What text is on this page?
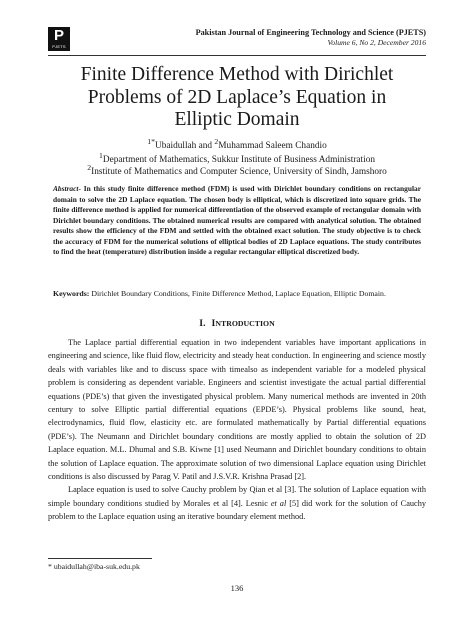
P
PJETS
Pakistan Journal of Engineering Technology and Science (PJETS)
Volume 6, No 2, December 2016
Finite Difference Method with Dirichlet
Problems of 2D Laplace’s Equation in
Elliptic Domain
$^{1*}$Ubaidullah and $^2$Muhammad Saleem Chandio
$^1$Department of Mathematics, Sukkur Institute of Business Administration
$^2$Institute of Mathematics and Computer Science, University of Sindh, Jamshoro

Abstract- In this study finite difference method (FDM) is used with Dirichlet boundary conditions on rectangular domain to solve the 2D Laplace equation. The chosen body is elliptical, which is discretized into square grids. The finite difference method is applied for numerical differentiation of the observed example of rectangular domain with Dirichlet boundary conditions. The obtained numerical results are compared with analytical solution. The obtained results show the efficiency of the FDM and settled with the obtained exact solution. The study objective is to check the accuracy of FDM for the numerical solutions of elliptical bodies of 2D Laplace equations. The study contributes to find the heat (temperature) distribution inside a regular rectangular elliptical discretized body.

Keywords: Dirichlet Boundary Conditions, Finite Difference Method, Laplace Equation, Elliptic Domain.
I. INTRODUCTION

The Laplace partial differential equation in two independent variables have important applications in engineering and science, like fluid flow, electricity and steady heat conduction. In engineering and science mostly deals with variables like and to discuss space with timealso as independent variable for a modeled physical problem is considering as dependent variable. Engineers and scientist investigate the actual partial differential equations (PDE’s) that given the investigated physical problem. Many numerical methods are invented in 20th century to solve Elliptic partial differential equations (EPDE’s). Physical problems like sound, heat, electrodynamics, fluid flow, elasticity etc. are formulated mathematically by Partial differential equations (PDE’s). The Neumann and Dirichlet boundary conditions are mostly applied to obtain the solution of 2D Laplace equation. M.L. Dhumal and S.B. Kiwne [1] used Neumann and Dirichlet boundary conditions to obtain the solution of Laplace equation. The approximate solution of two dimensional Laplace equation using Dirichlet conditions is also discussed by Parag V. Patil and J.S.V.R. Krishna Prasad [2].

Laplace equation is used to solve Cauchy problem by Qian et al [3]. The solution of Laplace equation with simple boundary conditions studied by Morales et al [4]. Lesnic et al [5] did work for the solution of Cauchy problem to the Laplace equation using an iterative boundary element method.

* ubaidullah@iba-suk.edu.pk
136
